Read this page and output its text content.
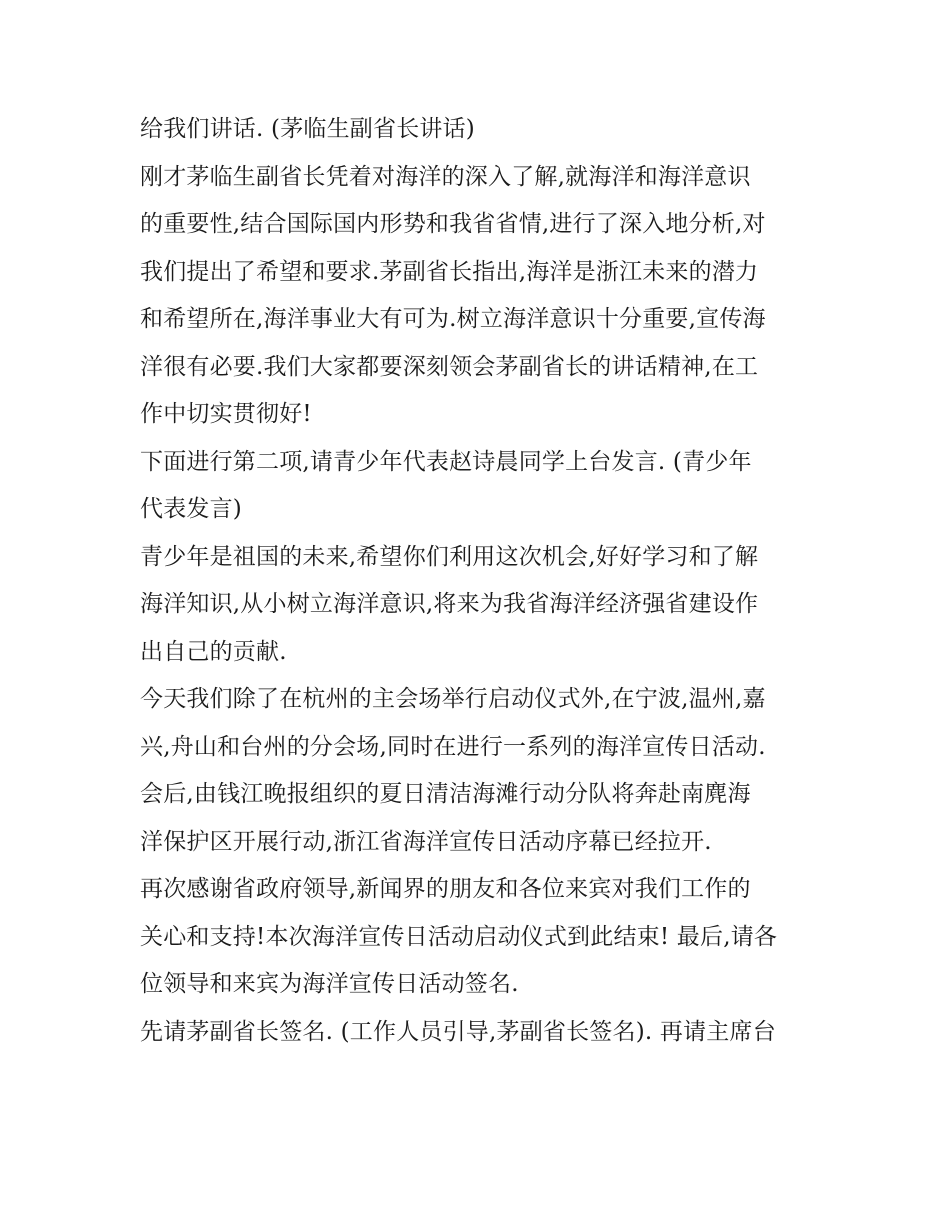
给我们讲话. (茅临生副省长讲话)
刚才茅临生副省长凭着对海洋的深入了解,就海洋和海洋意识
的重要性,结合国际国内形势和我省省情,进行了深入地分析,对
我们提出了希望和要求.茅副省长指出,海洋是浙江未来的潜力
和希望所在,海洋事业大有可为.树立海洋意识十分重要,宣传海
洋很有必要.我们大家都要深刻领会茅副省长的讲话精神,在工
作中切实贯彻好!
下面进行第二项,请青少年代表赵诗晨同学上台发言. (青少年
代表发言)
青少年是祖国的未来,希望你们利用这次机会,好好学习和了解
海洋知识,从小树立海洋意识,将来为我省海洋经济强省建设作
出自己的贡献.
今天我们除了在杭州的主会场举行启动仪式外,在宁波,温州,嘉
兴,舟山和台州的分会场,同时在进行一系列的海洋宣传日活动.
会后,由钱江晚报组织的夏日清洁海滩行动分队将奔赴南麂海
洋保护区开展行动,浙江省海洋宣传日活动序幕已经拉开.
再次感谢省政府领导,新闻界的朋友和各位来宾对我们工作的
关心和支持!本次海洋宣传日活动启动仪式到此结束! 最后,请各
位领导和来宾为海洋宣传日活动签名.
先请茅副省长签名. (工作人员引导,茅副省长签名). 再请主席台
